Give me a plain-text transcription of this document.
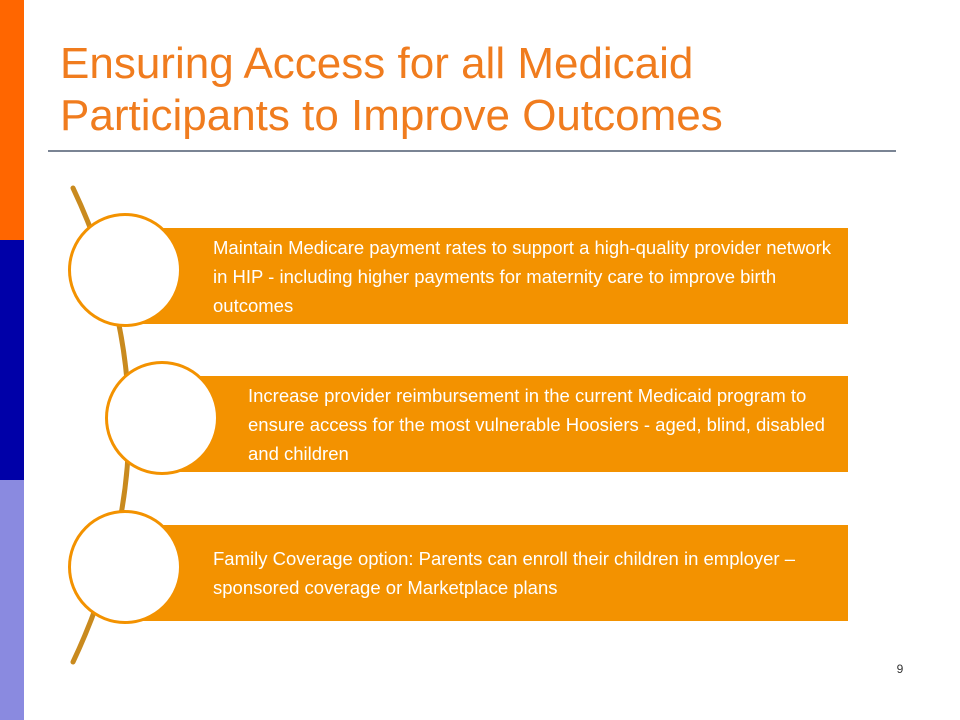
Ensuring Access for all Medicaid
Participants to Improve Outcomes
Maintain Medicare payment rates to support a high-quality provider network in HIP - including higher payments for maternity care to improve birth outcomes
Increase provider reimbursement in the current Medicaid program to ensure access for the most vulnerable Hoosiers - aged, blind, disabled and children
Family Coverage option: Parents can enroll their children in employer –sponsored coverage or Marketplace plans
9
